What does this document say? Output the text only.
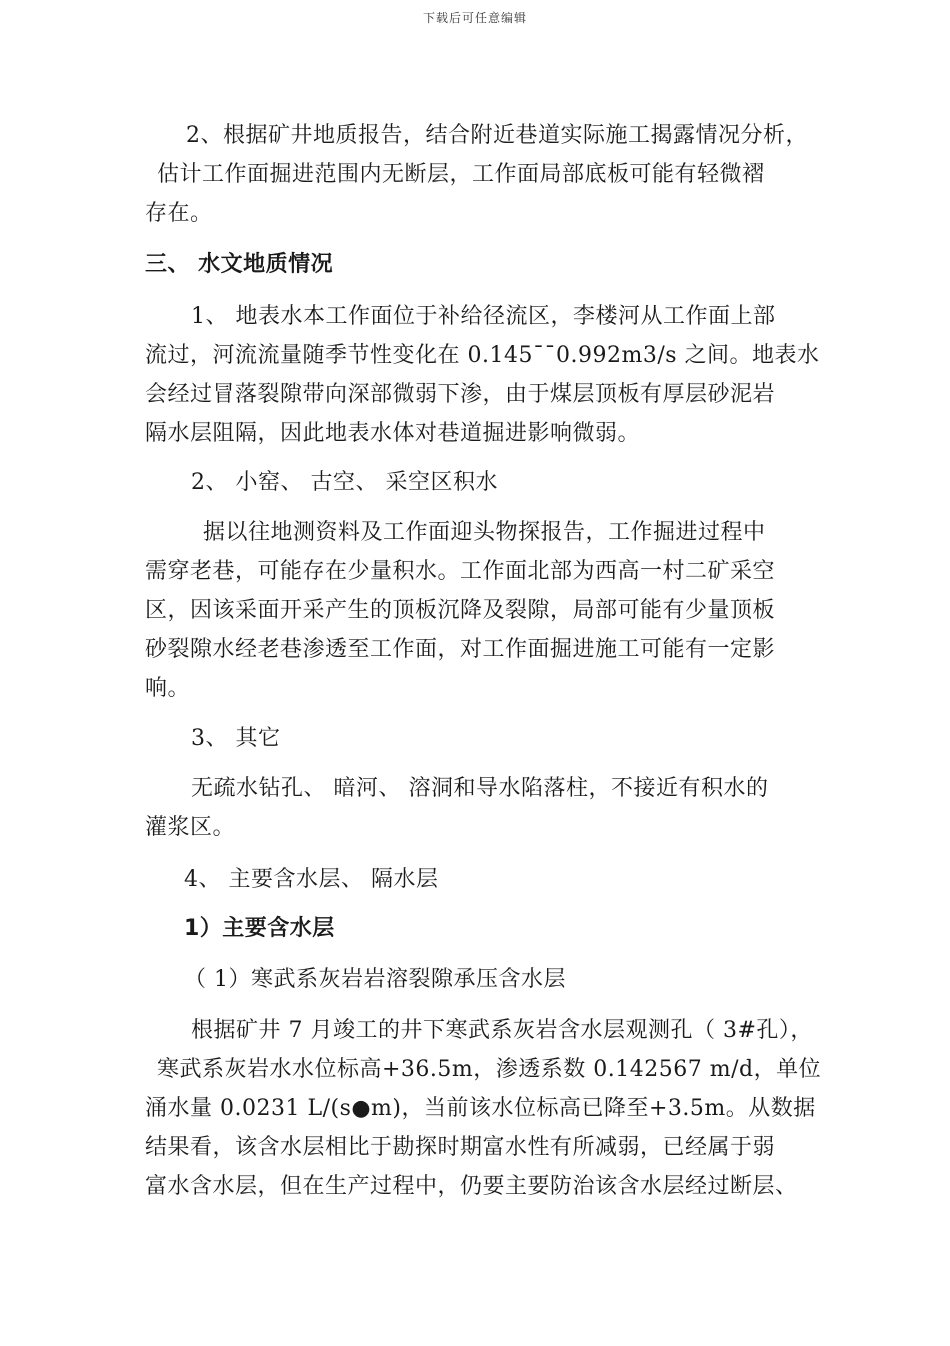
下载后可任意编辑
2、根据矿井地质报告，结合附近巷道实际施工揭露情况分析，
估计工作面掘进范围内无断层，工作面局部底板可能有轻微褶
存在。
三、 水文地质情况
1、 地表水本工作面位于补给径流区，李楼河从工作面上部
流过，河流流量随季节性变化在 0.145¯¯0.992m3/s 之间。地表水
会经过冒落裂隙带向深部微弱下渗，由于煤层顶板有厚层砂泥岩
隔水层阻隔，因此地表水体对巷道掘进影响微弱。
2、 小窑、 古空、 采空区积水
据以往地测资料及工作面迎头物探报告，工作掘进过程中
需穿老巷，可能存在少量积水。工作面北部为西高一村二矿采空
区，因该采面开采产生的顶板沉降及裂隙，局部可能有少量顶板
砂裂隙水经老巷渗透至工作面，对工作面掘进施工可能有一定影
响。
3、 其它
无疏水钻孔、 暗河、 溶洞和导水陷落柱，不接近有积水的
灌浆区。
4、 主要含水层、 隔水层
1）主要含水层
（ 1）寒武系灰岩岩溶裂隙承压含水层
根据矿井 7 月竣工的井下寒武系灰岩含水层观测孔（ 3#孔），
寒武系灰岩水水位标高+36.5m，渗透系数 0.142567 m/d，单位
涌水量 0.0231 L/(s●m)，当前该水位标高已降至+3.5m。从数据
结果看，该含水层相比于勘探时期富水性有所减弱，已经属于弱
富水含水层，但在生产过程中，仍要主要防治该含水层经过断层、
